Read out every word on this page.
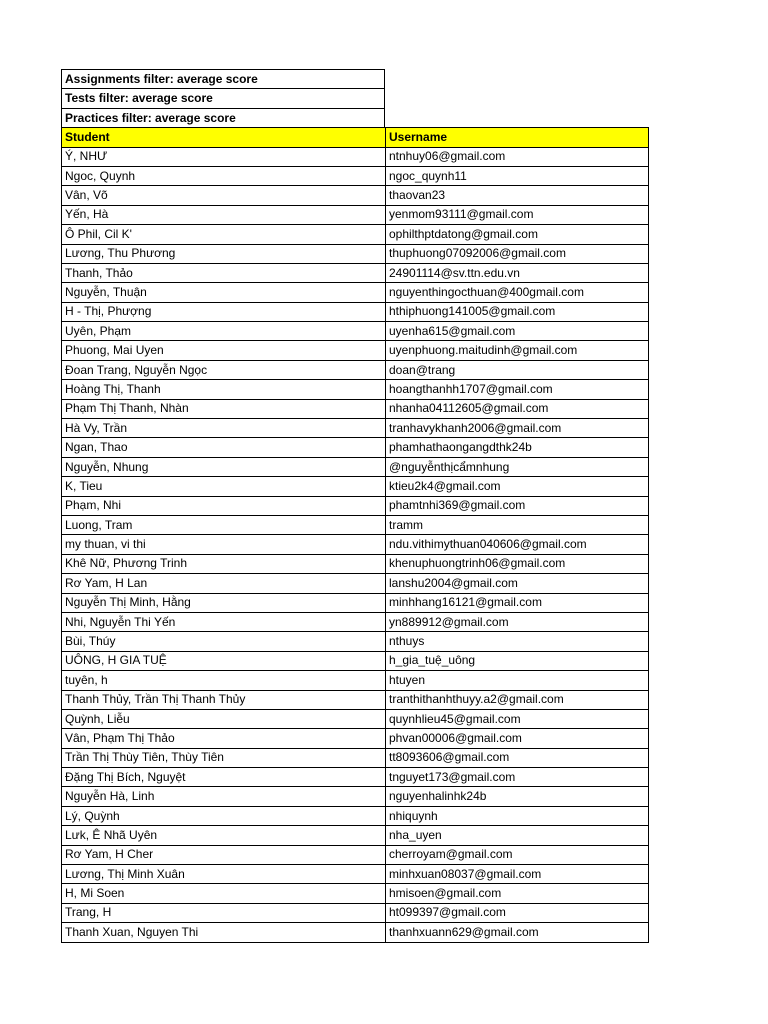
Assignments filter: average score
Tests filter: average score
Practices filter: average score
Student	Username
Ý, NHƯ	ntnhuy06@gmail.com
Ngoc, Quynh	ngoc_quynh11
Vân, Võ	thaovan23
Yến, Hà	yenmom93111@gmail.com
Ô Phil, Cil K'	ophilthptdatong@gmail.com
Lương, Thu Phương	thuphuong07092006@gmail.com
Thanh, Thảo	24901114@sv.ttn.edu.vn
Nguyễn, Thuận	nguyenthingocthuan@400gmail.com
H - Thị, Phượng	hthiphuong141005@gmail.com
Uyên, Phạm	uyenha615@gmail.com
Phuong, Mai Uyen	uyenphuong.maitudinh@gmail.com
Đoan Trang, Nguyễn Ngọc	doan@trang
Hoàng Thị, Thanh	hoangthanhh1707@gmail.com
Phạm Thị Thanh, Nhàn	nhanha04112605@gmail.com
Hà Vy, Trần	tranhavykhanh2006@gmail.com
Ngan, Thao	phamhathaongangdthk24b
Nguyễn, Nhung	@nguyễnthịcẩmnhung
K, Tieu	ktieu2k4@gmail.com
Phạm, Nhi	phamtnhi369@gmail.com
Luong, Tram	tramm
my thuan, vi thi	ndu.vithimythuan040606@gmail.com
Khê Nữ, Phương Trinh	khenuphuongtrinh06@gmail.com
Rơ Yam, H Lan	lanshu2004@gmail.com
Nguyễn Thị Minh, Hằng	minhhang16121@gmail.com
Nhi, Nguyễn Thi Yến	yn889912@gmail.com
Bùi, Thúy	nthuys
UÔNG, H GIA TUỆ	h_gia_tuệ_uông
tuyên, h	htuyen
Thanh Thủy, Trần Thị Thanh Thủy	tranthithanhthuyy.a2@gmail.com
Quỳnh, Liễu	quynhlieu45@gmail.com
Vân, Phạm Thị Thảo	phvan00006@gmail.com
Trần Thị Thùy Tiên, Thùy Tiên	tt8093606@gmail.com
Đặng Thị Bích, Nguyệt	tnguyet173@gmail.com
Nguyễn Hà, Linh	nguyenhalinhk24b
Lý, Quỳnh	nhiquynh
Lưk, Ê Nhã Uyên	nha_uyen
Rơ Yam, H Cher	cherroyam@gmail.com
Lương, Thị Minh Xuân	minhxuan08037@gmail.com
H, Mi Soen	hmisoen@gmail.com
Trang, H	ht099397@gmail.com
Thanh Xuan, Nguyen Thi	thanhxuann629@gmail.com
